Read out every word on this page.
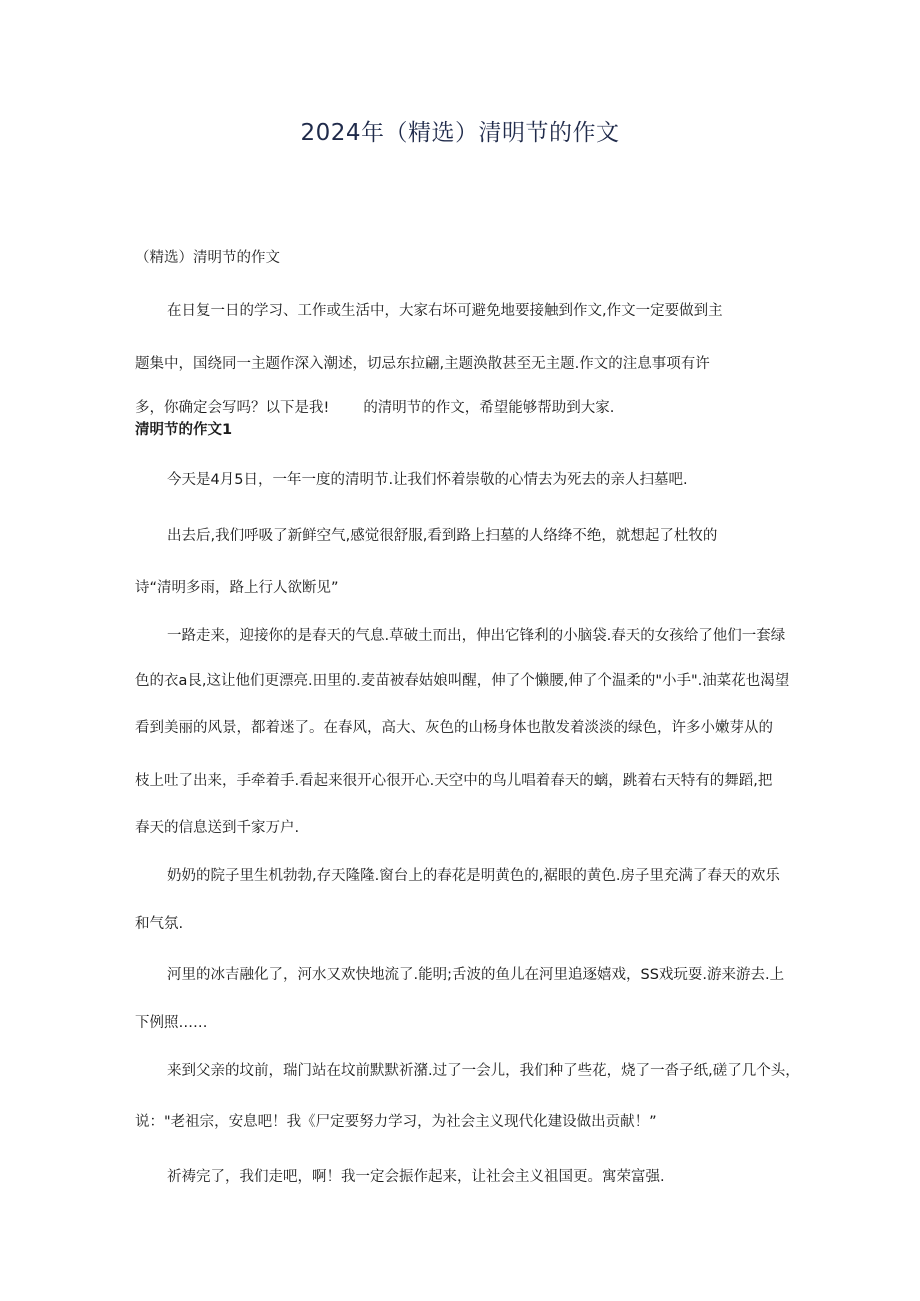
2024年（精选）清明节的作文
（精选）清明节的作文
在日复一日的学习、工作或生活中，大家右坏可避免地要接触到作文,作文一定要做到主
题集中，国绕同一主题作深入潮述，切忌东拉翩,主题涣散甚至无主题.作文的注息事项有许
多，你确定会写吗？以下是我! 的清明节的作文，希望能够帮助到大家.
清明节的作文1
今天是4月5日，一年一度的清明节.让我们怀着崇敬的心情去为死去的亲人扫墓吧.
出去后,我们呼吸了新鲜空气,感觉很舒服,看到路上扫墓的人络绛不绝，就想起了杜牧的
诗“清明多雨，路上行人欲断见”
一路走来，迎接你的是春天的气息.草破土而出，伸出它锋利的小脑袋.春天的女孩给了他们一套绿
色的衣a艮,这让他们更漂亮.田里的.麦苗被春姑娘叫醒，伸了个懒腰,伸了个温柔的"小手".油菜花也渴望
看到美丽的风景，都着迷了。在春风，高大、灰色的山杨身体也散发着淡淡的绿色，许多小嫩芽从的
枝上吐了出来，手牵着手.看起来很开心很开心.天空中的鸟儿唱着春天的螭，跳着右天特有的舞蹈,把
春天的信息送到千家万户.
奶奶的院子里生机勃勃,存天隆隆.窗台上的春花是明黄色的,裾眼的黄色.房子里充满了春天的欢乐
和气氛.
河里的冰吉融化了，河水又欢快地流了.能明;舌波的鱼儿在河里追逐嬉戏，SS戏玩耍.游来游去.上
下例照……
来到父亲的坟前，瑞门站在坟前默默祈潴.过了一会儿，我们种了些花，烧了一沓子纸,磋了几个头，
说："老祖宗，安息吧！我《尸定要努力学习，为社会主义现代化建设做出贡献！”
祈祷完了，我们走吧，啊！我一定会振作起来，让社会主义祖国更。寓荣富强.
